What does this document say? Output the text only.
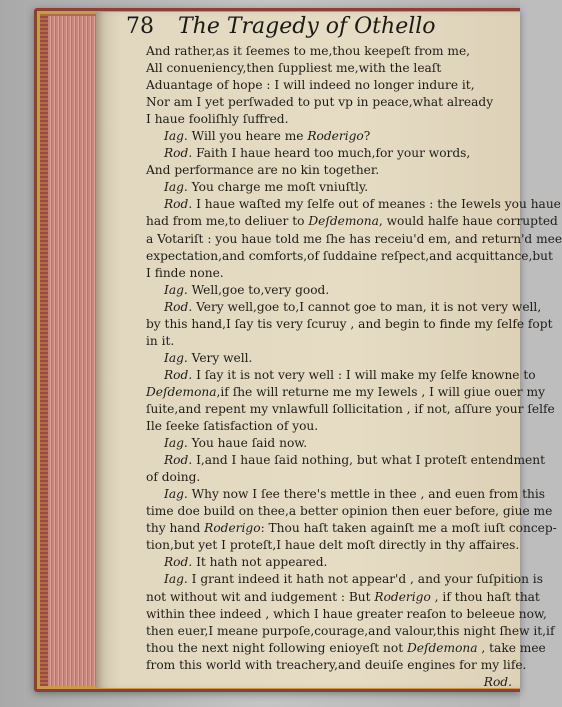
78	The Tragedy of Othello
And rather,as it ſeemes to me,thou keepeſt from me,
All conueniency,then ſuppliest me,with the leaſt
Aduantage of hope : I will indeed no longer indure it,
Nor am I yet perſwaded to put vp in peace,what already
I haue fooliſhly ſuffred.
Iag. Will you heare me Roderigo?
Rod. Faith I haue heard too much,for your words,
And performance are no kin together.
Iag. You charge me moſt vniuſtly.
Rod. I haue waſted my ſelfe out of meanes : the Iewels you haue
had from me,to deliuer to Deſdemona, would halfe haue corrupted
a Votariſt : you haue told me ſhe has receiu'd em, and return'd mee
expectation,and comforts,of ſuddaine reſpect,and acquittance,but
I finde none.
Iag. Well,goe to,very good.
Rod. Very well,goe to,I cannot goe to man, it is not very well,
by this hand,I ſay tis very ſcuruy , and begin to finde my ſelfe fopt
in it.
Iag. Very well.
Rod. I ſay it is not very well : I will make my ſelfe knowne to
Deſdemona,if ſhe will returne me my Iewels , I will giue ouer my
ſuite,and repent my vnlawfull ſollicitation , if not, aſſure your ſelfe
Ile ſeeke ſatisfaction of you.
Iag. You haue ſaid now.
Rod. I,and I haue ſaid nothing, but what I proteſt entendment
of doing.
Iag. Why now I ſee there's mettle in thee , and euen from this
time doe build on thee,a better opinion then euer before, giue me
thy hand Roderigo: Thou haſt taken againſt me a moſt iuſt concep-
tion,but yet I proteſt,I haue delt moſt directly in thy affaires.
Rod. It hath not appeared.
Iag. I grant indeed it hath not appear'd , and your ſuſpition is
not without wit and iudgement : But Roderigo , if thou haſt that
within thee indeed , which I haue greater reaſon to beleeue now,
then euer,I meane purpoſe,courage,and valour,this night ſhew it,if
thou the next night following enioyeſt not Deſdemona , take mee
from this world with treachery,and deuiſe engines for my life.
Rod.
